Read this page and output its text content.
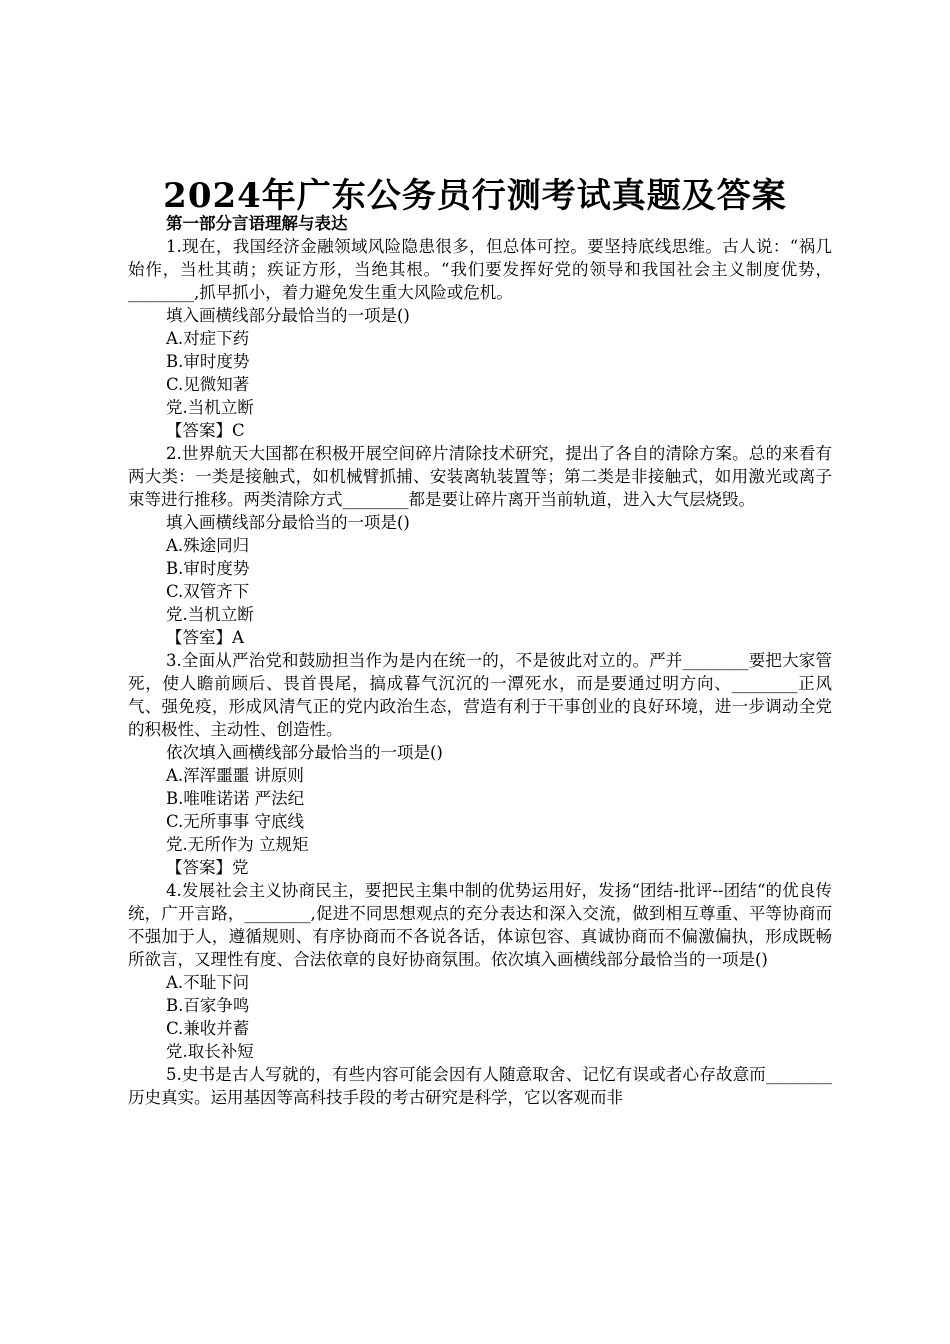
2024年广东公务员行测考试真题及答案

第一部分言语理解与表达

1.现在，我国经济金融领域风险隐患很多，但总体可控。要坚持底线思维。古人说：“祸几始作，当杜其萌；疾证方形，当绝其根。“我们要发挥好党的领导和我国社会主义制度优势，________,抓早抓小，着力避免发生重大风险或危机。

填入画横线部分最恰当的一项是()

A.对症下药

B.审时度势

C.见微知著

党.当机立断

【答案】C

2.世界航天大国都在积极开展空间碎片清除技术研究，提出了各自的清除方案。总的来看有两大类：一类是接触式，如机械臂抓捕、安装离轨装置等；第二类是非接触式，如用激光或离子束等进行推移。两类清除方式________都是要让碎片离开当前轨道，进入大气层烧毁。

填入画横线部分最恰当的一项是()

A.殊途同归

B.审时度势

C.双管齐下

党.当机立断

【答室】A

3.全面从严治党和鼓励担当作为是内在统一的，不是彼此对立的。严并________要把大家管死，使人瞻前顾后、畏首畏尾，搞成暮气沉沉的一潭死水，而是要通过明方向、________正风气、强免疫，形成风清气正的党内政治生态，营造有利于干事创业的良好环境，进一步调动全党的积极性、主动性、创造性。

依次填入画横线部分最恰当的一项是()

A.浑浑噩噩 讲原则

B.唯唯诺诺 严法纪

C.无所事事 守底线

党.无所作为 立规矩

【答案】党

4.发展社会主义协商民主，要把民主集中制的优势运用好，发扬“团结-批评--团结“的优良传统，广开言路，________,促进不同思想观点的充分表达和深入交流，做到相互尊重、平等协商而不强加于人，遵循规则、有序协商而不各说各话，体谅包容、真诚协商而不偏激偏执，形成既畅所欲言，又理性有度、合法依章的良好协商氛围。依次填入画横线部分最恰当的一项是()

A.不耻下问

B.百家争鸣

C.兼收并蓄

党.取长补短

5.史书是古人写就的，有些内容可能会因有人随意取舍、记忆有误或者心存故意而________历史真实。运用基因等高科技手段的考古研究是科学，它以客观而非
